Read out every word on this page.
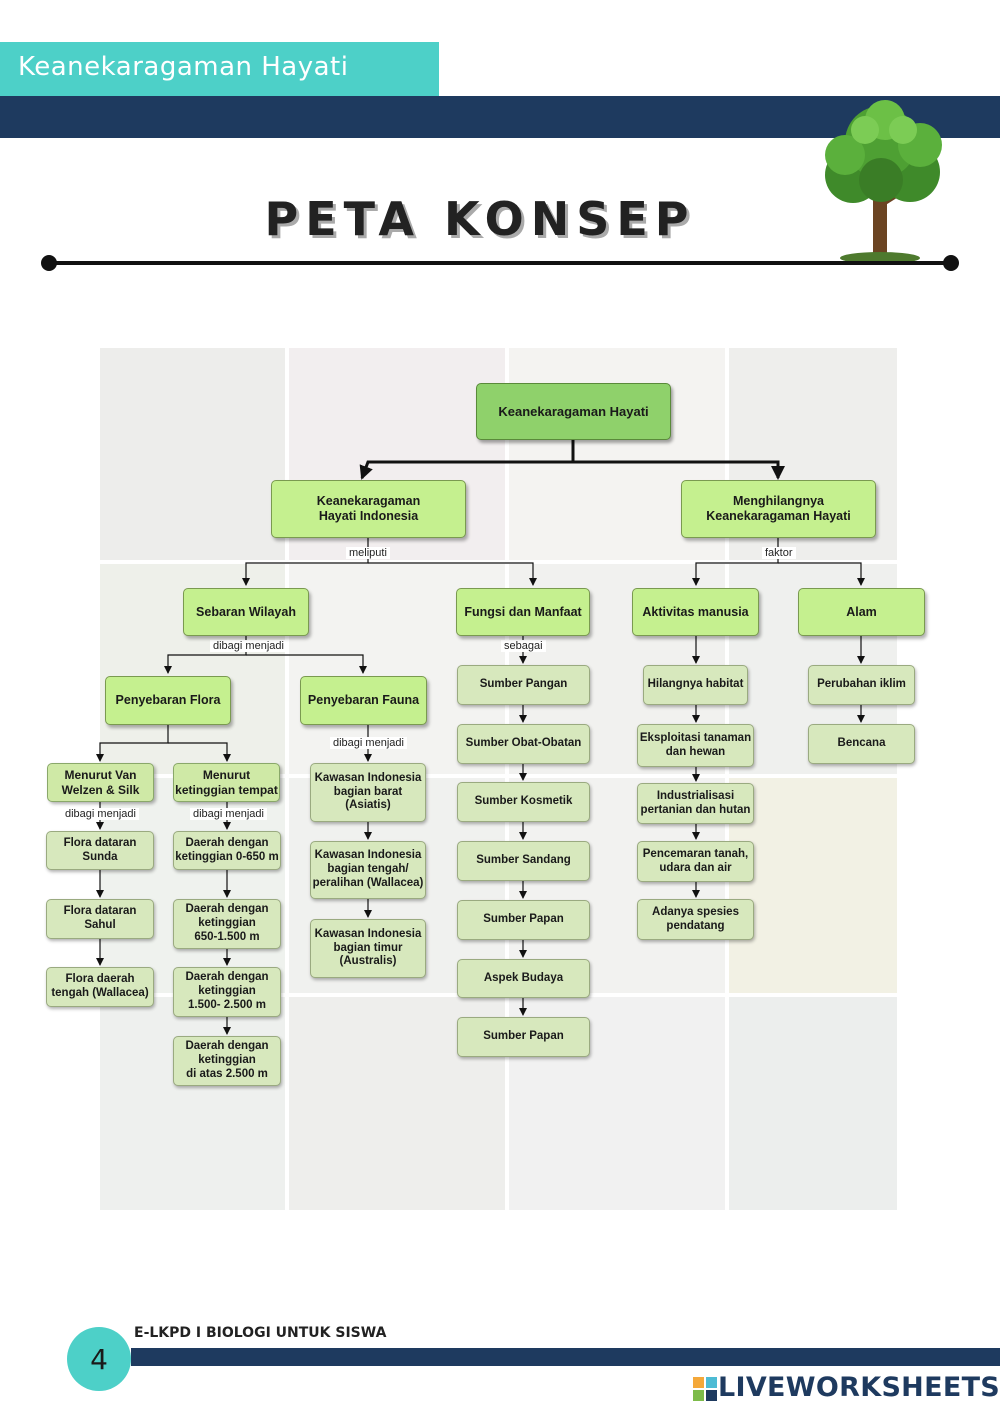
Keanekaragaman Hayati
PETA KONSEP
meliputi	faktor
dibagi menjadi	sebagai
dibagi menjadi
dibagi menjadi	dibagi menjadi
Keanekaragaman Hayati
Keanekaragaman
Hayati Indonesia
Menghilangnya
Keanekaragaman Hayati
Sebaran Wilayah	Fungsi dan Manfaat	Aktivitas manusia	Alam
Penyebaran Flora	Penyebaran Fauna
Menurut Van
Welzen & Silk
Menurut
ketinggian tempat
Flora dataran
Sunda
Flora dataran
Sahul
Flora daerah
tengah (Wallacea)
Daerah dengan
ketinggian 0-650 m
Daerah dengan
ketinggian
650-1.500 m
Daerah dengan
ketinggian
1.500- 2.500 m
Daerah dengan
ketinggian
di atas 2.500 m
Kawasan Indonesia
bagian barat
(Asiatis)
Kawasan Indonesia
bagian tengah/
peralihan (Wallacea)
Kawasan Indonesia
bagian timur
(Australis)
Sumber Pangan
Sumber Obat-Obatan
Sumber Kosmetik
Sumber Sandang
Sumber Papan
Aspek Budaya
Sumber Papan
Hilangnya habitat
Eksploitasi tanaman
dan hewan
Industrialisasi
pertanian dan hutan
Pencemaran tanah,
udara dan air
Adanya spesies
pendatang
Perubahan iklim
Bencana
4
E-LKPD I BIOLOGI UNTUK SISWA
LIVEWORKSHEETS
